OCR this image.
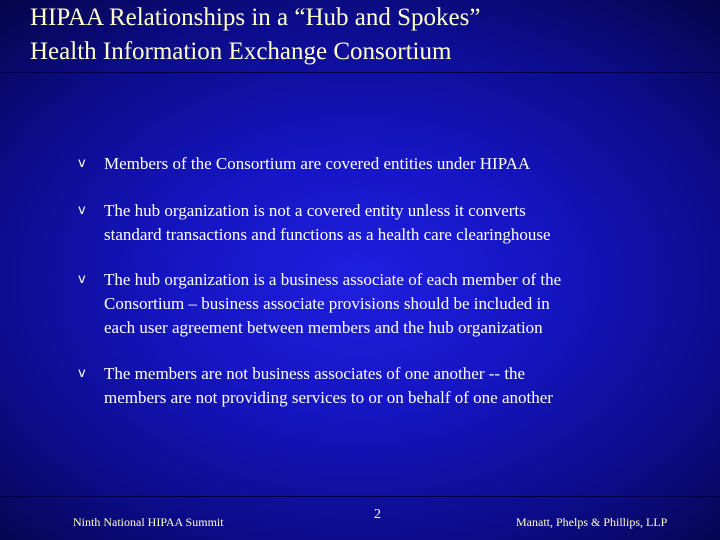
HIPAA Relationships in a “Hub and Spokes”
Health Information Exchange Consortium
v Members of the Consortium are covered entities under HIPAA
v The hub organization is not a covered entity unless it converts
standard transactions and functions as a health care clearinghouse
v The hub organization is a business associate of each member of the
Consortium – business associate provisions should be included in
each user agreement between members and the hub organization
v The members are not business associates of one another -- the
members are not providing services to or on behalf of one another
Ninth National HIPAA Summit	2	Manatt, Phelps & Phillips, LLP
